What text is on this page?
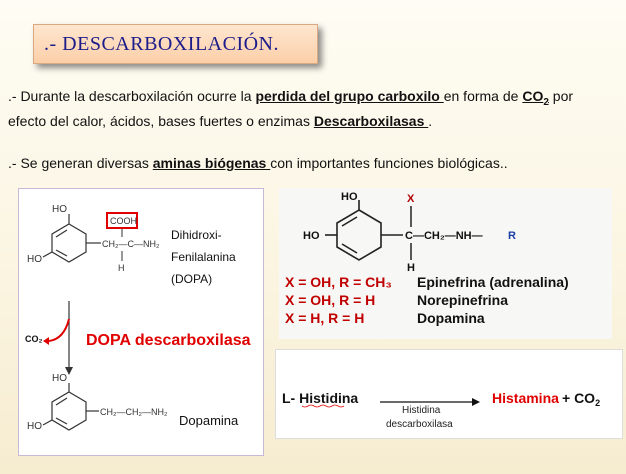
.- DESCARBOXILACIÓN.
.- Durante la descarboxilación ocurre la perdida del grupo carboxilo en forma de $CO_2$ por efecto del calor, ácidos, bases fuertes o enzimas Descarboxilasas .
.- Se generan diversas aminas biógenas con importantes funciones biológicas..
HO
HO
CH₂—C—NH₂
H
COOH
Dihidroxi-
Fenilalanina
(DOPA)
CO₂	DOPA descarboxilasa
HO
HO
CH₂—CH₂—NH₂
Dopamina
HO
HO
X
C—CH₂—NH— R
H
X = OH, R = CH₃ Epinefrina (adrenalina)
X = OH, R = H	Norepinefrina
X = H, R = H	Dopamina
L- Histidina	Histamina + $CO_2$
Histidina
descarboxilasa
